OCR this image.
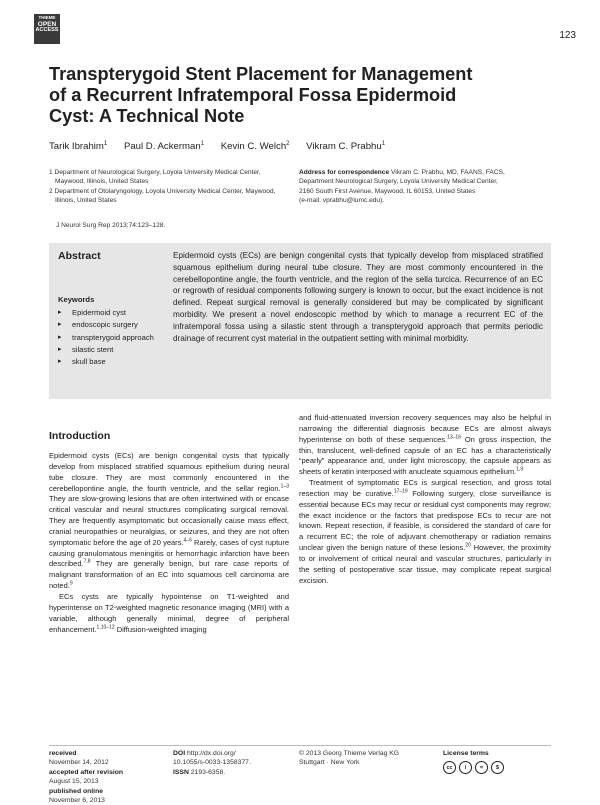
THIEME
OPEN
ACCESS	123
Transpterygoid Stent Placement for Management of a Recurrent Infratemporal Fossa Epidermoid Cyst: A Technical Note
Tarik Ibrahim$^1$ Paul D. Ackerman$^1$ Kevin C. Welch$^2$ Vikram C. Prabhu$^1$

1 Department of Neurological Surgery, Loyola University Medical Center, Maywood, Illinois, United States

2 Department of Otolaryngology, Loyola University Medical Center, Maywood, Illinois, United States

Address for correspondence Vikram C. Prabhu, MD, FAANS, FACS,
Department Neurological Surgery, Loyola University Medical Center,
2160 South First Avenue, Maywood, IL 60153, United States
(e-mail: vprabhu@lumc.edu).
J Neurol Surg Rep 2013;74:123–128.
Abstract	Epidermoid cysts (ECs) are benign congenital cysts that typically develop from misplaced stratified squamous epithelium during neural tube closure. They are most commonly encountered in the cerebellopontine angle, the fourth ventricle, and the region of the sella turcica. Recurrence of an EC or regrowth of residual components following surgery is known to occur, but the exact incidence is not defined. Repeat surgical removal is generally considered but may be complicated by significant morbidity. We present a novel endoscopic method by which to manage a recurrent EC of the infratemporal fossa using a silastic stent through a transpterygoid approach that permits periodic drainage of recurrent cyst material in the outpatient setting with minimal morbidity.
Keywords
▸ Epidermoid cyst
▸ endoscopic surgery
▸ transpterygoid approach
▸ silastic stent
▸ skull base
Introduction

Epidermoid cysts (ECs) are benign congenital cysts that typically develop from misplaced stratified squamous epithelium during neural tube closure. They are most commonly encountered in the cerebellopontine angle, the fourth ventricle, and the sellar region.$^{1-3}$ They are slow-growing lesions that are often intertwined with or encase critical vascular and neural structures complicating surgical removal. They are frequently asymptomatic but occasionally cause mass effect, cranial neuropathies or neuralgias, or seizures, and they are not often symptomatic before the age of 20 years.$^{4-6}$ Rarely, cases of cyst rupture causing granulomatous meningitis or hemorrhagic infarction have been described.$^{7,8}$ They are generally benign, but rare case reports of malignant transformation of an EC into squamous cell carcinoma are noted.$^9$

ECs cysts are typically hypointense on T1-weighted and hyperintense on T2-weighted magnetic resonance imaging (MRI) with a variable, although generally minimal, degree of peripheral enhancement.$^{1,10-12}$ Diffusion-weighted imaging

and fluid-attenuated inversion recovery sequences may also be helpful in narrowing the differential diagnosis because ECs are almost always hyperintense on both of these sequences.$^{13-16}$ On gross inspection, the thin, translucent, well-defined capsule of an EC has a characteristically “pearly” appearance and, under light microscopy, the capsule appears as sheets of keratin interposed with anucleate squamous epithelium.$^{1,9}$

Treatment of symptomatic ECs is surgical resection, and gross total resection may be curative.$^{17-19}$ Following surgery, close surveillance is essential because ECs may recur or residual cyst components may regrow; the exact incidence or the factors that predispose ECs to recur are not known. Repeat resection, if feasible, is considered the standard of care for a recurrent EC; the role of adjuvant chemotherapy or radiation remains unclear given the benign nature of these lesions.$^{20}$ However, the proximity to or involvement of critical neural and vascular structures, particularly in the setting of postoperative scar tissue, may complicate repeat surgical excision.

received
November 14, 2012
accepted after revision
August 15, 2013
published online
November 6, 2013
DOI http://dx.doi.org/
10.1055/s-0033-1358377.
ISSN 2193-6358.
© 2013 Georg Thieme Verlag KG
Stuttgart · New York
License terms
cc	i	=	$
